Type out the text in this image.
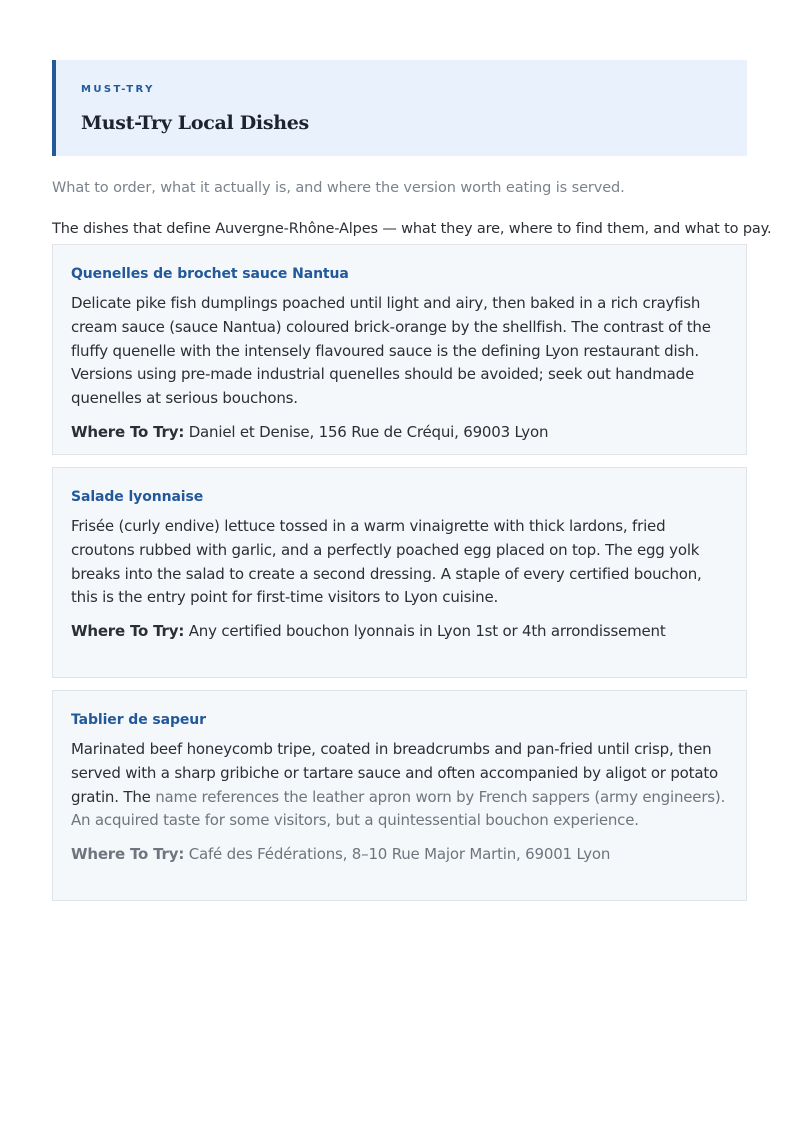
MUST-TRY
Must-Try Local Dishes
What to order, what it actually is, and where the version worth eating is served.
The dishes that define Auvergne-Rhône-Alpes — what they are, where to find them, and what to pay.
Quenelles de brochet sauce Nantua
Delicate pike fish dumplings poached until light and airy, then baked in a rich crayfish cream sauce (sauce Nantua) coloured brick-orange by the shellfish. The contrast of the fluffy quenelle with the intensely flavoured sauce is the defining Lyon restaurant dish. Versions using pre-made industrial quenelles should be avoided; seek out handmade quenelles at serious bouchons.
Where To Try: Daniel et Denise, 156 Rue de Créqui, 69003 Lyon
Salade lyonnaise
Frisée (curly endive) lettuce tossed in a warm vinaigrette with thick lardons, fried croutons rubbed with garlic, and a perfectly poached egg placed on top. The egg yolk breaks into the salad to create a second dressing. A staple of every certified bouchon, this is the entry point for first-time visitors to Lyon cuisine.
Where To Try: Any certified bouchon lyonnais in Lyon 1st or 4th arrondissement
Tablier de sapeur
Marinated beef honeycomb tripe, coated in breadcrumbs and pan-fried until crisp, then served with a sharp gribiche or tartare sauce and often accompanied by aligot or potato gratin. The name references the leather apron worn by French sappers (army engineers). An acquired taste for some visitors, but a quintessential bouchon experience.
Where To Try: Café des Fédérations, 8–10 Rue Major Martin, 69001 Lyon
